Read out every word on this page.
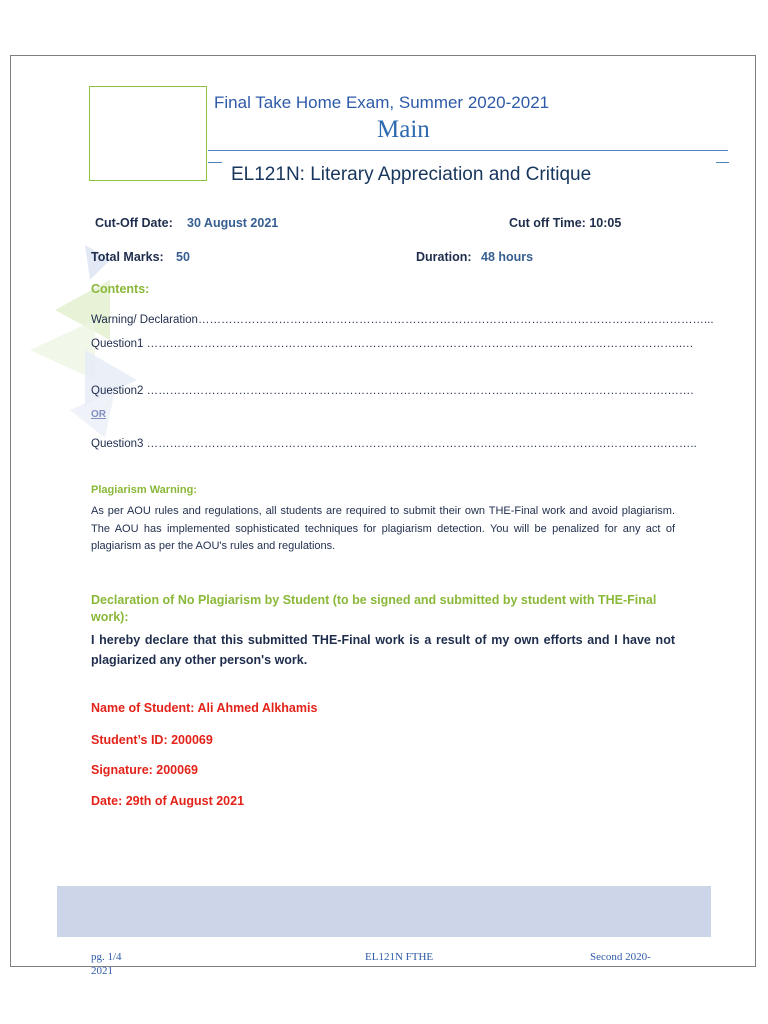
Final Take Home Exam, Summer 2020-2021
Main
EL121N: Literary Appreciation and Critique
Cut-Off Date: 30 August 2021	Cut off Time: 10:05
Total Marks: 50	Duration: 48 hours
Contents:
Warning/ Declaration……………………………………………………………………………………………………………………...
Question1 …………………………………………………………………………………………………………………………..…
Question2 ……………………………………………………………………………………………………………………….…….
OR
Question3 ……………………………………………………………………………………………………………………….……..
Plagiarism Warning:
As per AOU rules and regulations, all students are required to submit their own THE-Final work and avoid plagiarism. The AOU has implemented sophisticated techniques for plagiarism detection. You will be penalized for any act of plagiarism as per the AOU's rules and regulations.
Declaration of No Plagiarism by Student (to be signed and submitted by student with THE-Final work):
I hereby declare that this submitted THE-Final work is a result of my own efforts and I have not plagiarized any other person's work.
Name of Student: Ali Ahmed Alkhamis
Student’s ID: 200069
Signature: 200069
Date: 29th of August 2021
pg. 1/4	EL121N FTHE	Second 2020-
2021
